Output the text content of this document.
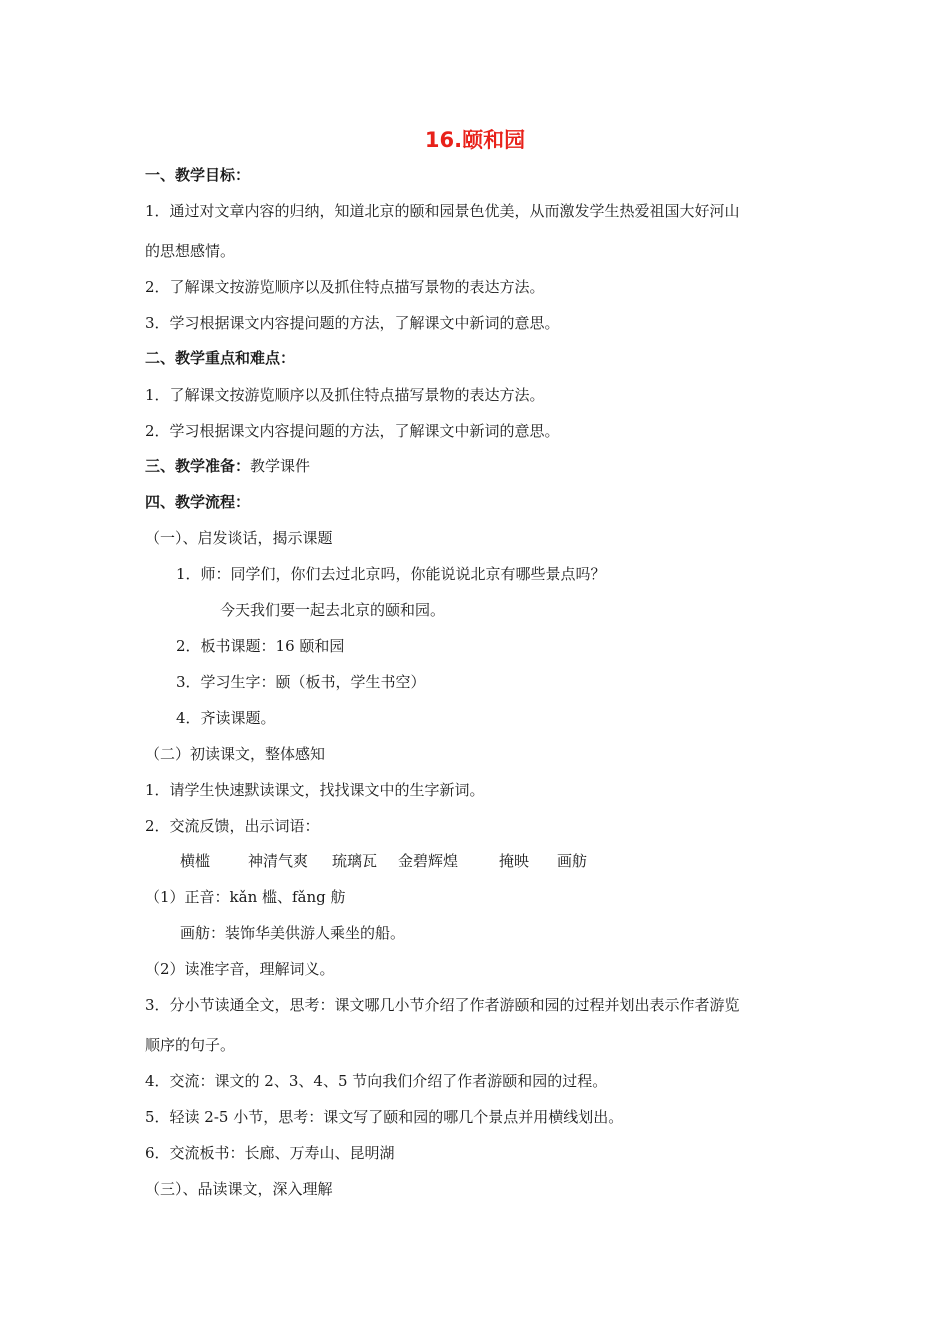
16.颐和园

一、教学目标：

1．通过对文章内容的归纳，知道北京的颐和园景色优美，从而激发学生热爱祖国大好河山

的思想感情。

2．了解课文按游览顺序以及抓住特点描写景物的表达方法。

3．学习根据课文内容提问题的方法，了解课文中新词的意思。

二、教学重点和难点：

1．了解课文按游览顺序以及抓住特点描写景物的表达方法。

2．学习根据课文内容提问题的方法，了解课文中新词的意思。

三、教学准备：教学课件

四、教学流程：

（一）、启发谈话，揭示课题

1．师：同学们，你们去过北京吗，你能说说北京有哪些景点吗？

今天我们要一起去北京的颐和园。

2．板书课题：16 颐和园

3．学习生字：颐（板书，学生书空）

4．齐读课题。

（二）初读课文，整体感知

1．请学生快速默读课文，找找课文中的生字新词。

2．交流反馈，出示词语：

横槛	神清气爽 琉璃瓦 金碧辉煌	掩映 画舫

（1）正音：kǎn 槛、fǎng 舫

画舫：装饰华美供游人乘坐的船。

（2）读准字音，理解词义。

3．分小节读通全文，思考：课文哪几小节介绍了作者游颐和园的过程并划出表示作者游览

顺序的句子。

4．交流：课文的 2、3、4、5 节向我们介绍了作者游颐和园的过程。

5．轻读 2-5 小节，思考：课文写了颐和园的哪几个景点并用横线划出。

6．交流板书：长廊、万寿山、昆明湖

（三）、品读课文，深入理解
